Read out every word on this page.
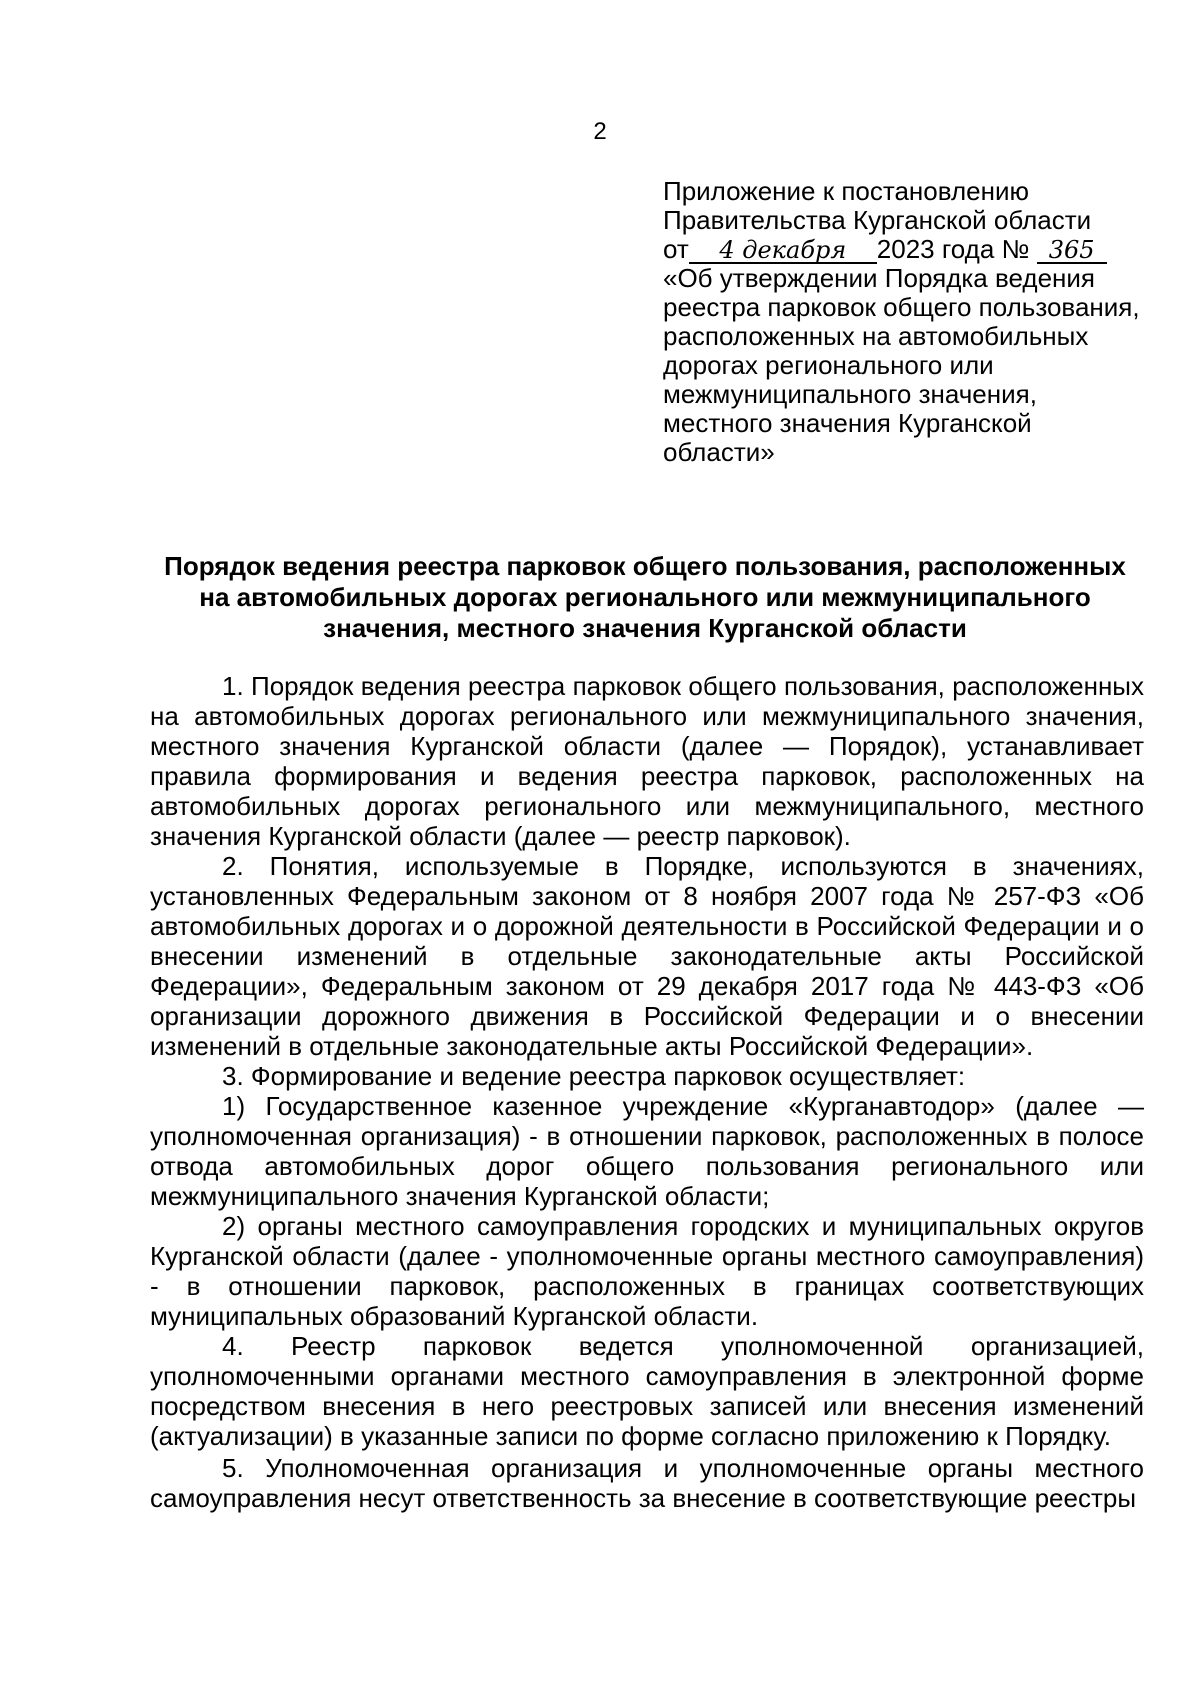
2
Приложение к постановлению
Правительства Курганской области
от 4 декабря 2023 года № 365
«Об утверждении Порядка ведения
реестра парковок общего пользования,
расположенных на автомобильных
дорогах регионального или
межмуниципального значения,
местного значения Курганской
области»
Порядок ведения реестра парковок общего пользования, расположенных
на автомобильных дорогах регионального или межмуниципального
значения, местного значения Курганской области

1. Порядок ведения реестра парковок общего пользования, расположенных на автомобильных дорогах регионального или межмуниципального значения, местного значения Курганской области (далее — Порядок), устанавливает правила формирования и ведения реестра парковок, расположенных на автомобильных дорогах регионального или межмуниципального, местного значения Курганской области (далее — реестр парковок).

2. Понятия, используемые в Порядке, используются в значениях, установленных Федеральным законом от 8 ноября 2007 года № 257-ФЗ «Об автомобильных дорогах и о дорожной деятельности в Российской Федерации и о внесении изменений в отдельные законодательные акты Российской Федерации», Федеральным законом от 29 декабря 2017 года № 443-ФЗ «Об организации дорожного движения в Российской Федерации и о внесении изменений в отдельные законодательные акты Российской Федерации».

3. Формирование и ведение реестра парковок осуществляет:

1) Государственное казенное учреждение «Курганавтодор» (далее — уполномоченная организация) - в отношении парковок, расположенных в полосе отвода автомобильных дорог общего пользования регионального или межмуниципального значения Курганской области;

2) органы местного самоуправления городских и муниципальных округов Курганской области (далее - уполномоченные органы местного самоуправления) - в отношении парковок, расположенных в границах соответствующих муниципальных образований Курганской области.

4. Реестр парковок ведется уполномоченной организацией, уполномоченными органами местного самоуправления в электронной форме посредством внесения в него реестровых записей или внесения изменений (актуализации) в указанные записи по форме согласно приложению к Порядку.

5. Уполномоченная организация и уполномоченные органы местного самоуправления несут ответственность за внесение в соответствующие реестры
